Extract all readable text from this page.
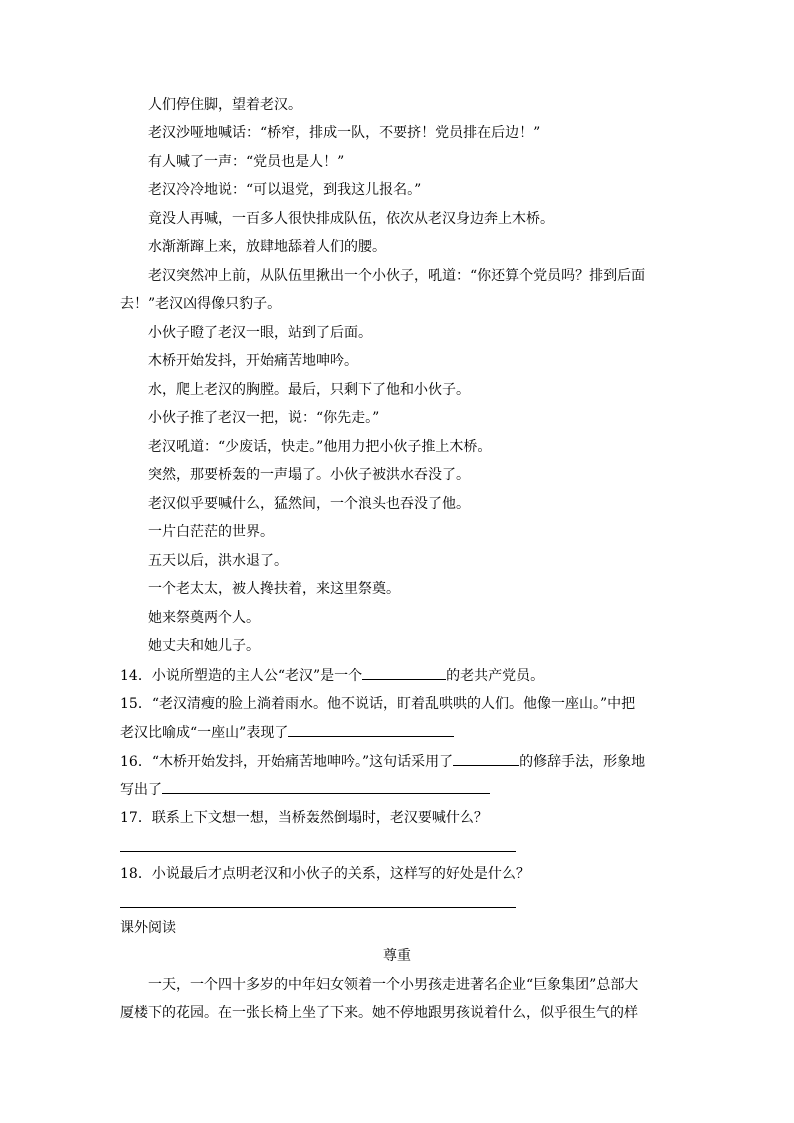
人们停住脚，望着老汉。
老汉沙哑地喊话：“桥窄，排成一队，不要挤！党员排在后边！”
有人喊了一声：“党员也是人！”
老汉冷冷地说：“可以退党，到我这儿报名。”
竟没人再喊，一百多人很快排成队伍，依次从老汉身边奔上木桥。
水渐渐蹿上来，放肆地舔着人们的腰。
老汉突然冲上前，从队伍里揪出一个小伙子，吼道：“你还算个党员吗？排到后面
去！”老汉凶得像只豹子。
小伙子瞪了老汉一眼，站到了后面。
木桥开始发抖，开始痛苦地呻吟。
水，爬上老汉的胸膛。最后，只剩下了他和小伙子。
小伙子推了老汉一把，说：“你先走。”
老汉吼道：“少废话，快走。”他用力把小伙子推上木桥。
突然，那要桥轰的一声塌了。小伙子被洪水吞没了。
老汉似乎要喊什么，猛然间，一个浪头也吞没了他。
一片白茫茫的世界。
五天以后，洪水退了。
一个老太太，被人搀扶着，来这里祭奠。
她来祭奠两个人。
她丈夫和她儿子。
14．小说所塑造的主人公“老汉”是一个	的老共产党员。
15．“老汉清瘦的脸上淌着雨水。他不说话，盯着乱哄哄的人们。他像一座山。”中把
老汉比喻成“一座山”表现了
16．“木桥开始发抖，开始痛苦地呻吟。”这句话采用了	的修辞手法，形象地
写出了
17．联系上下文想一想，当桥轰然倒塌时，老汉要喊什么？
18．小说最后才点明老汉和小伙子的关系，这样写的好处是什么？
课外阅读
尊重
一天，一个四十多岁的中年妇女领着一个小男孩走进著名企业“巨象集团”总部大
厦楼下的花园。在一张长椅上坐了下来。她不停地跟男孩说着什么，似乎很生气的样
